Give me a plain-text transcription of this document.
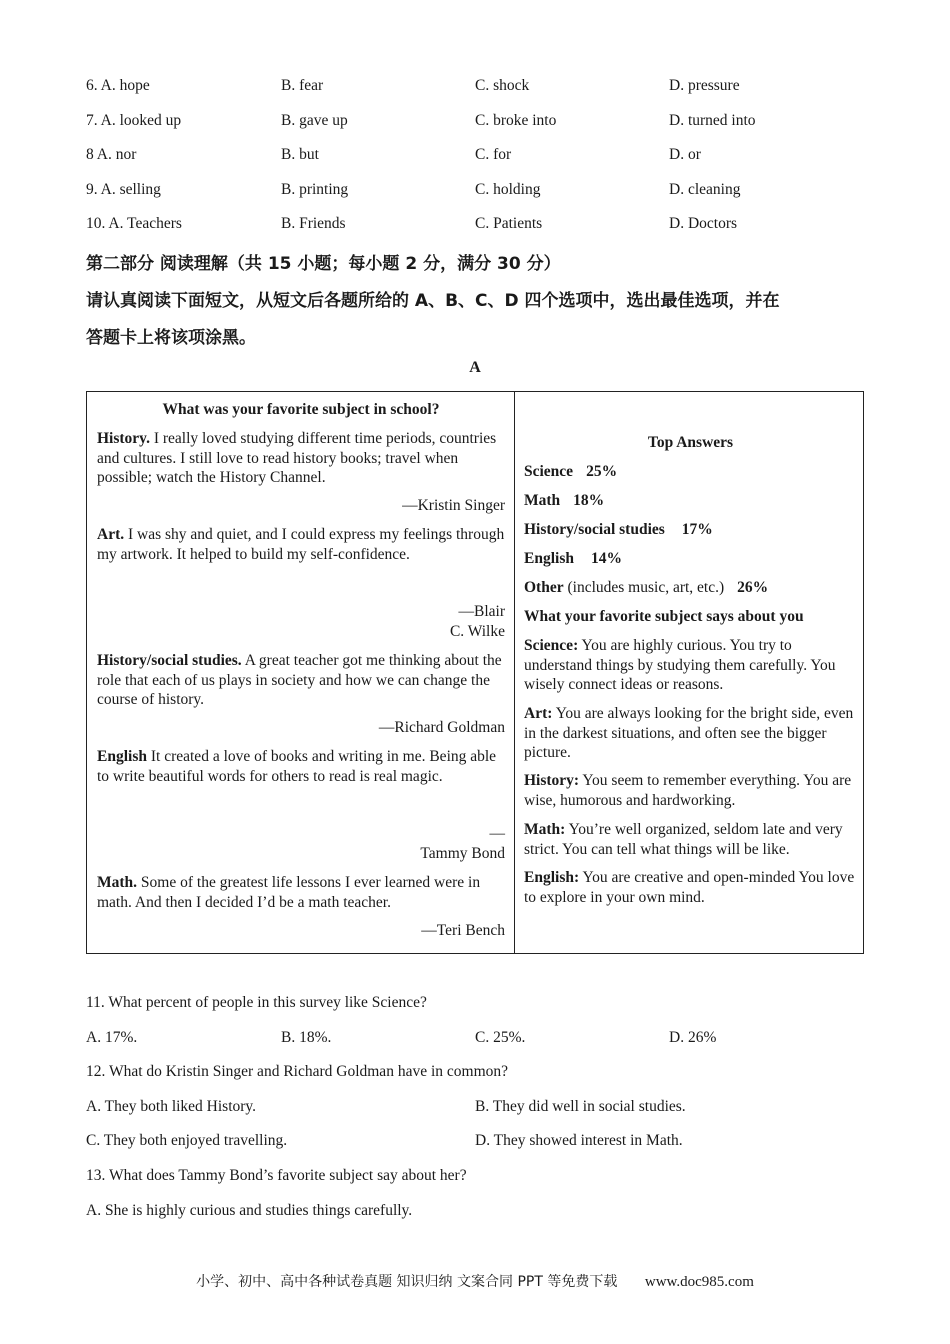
6. A. hope	B. fear	C. shock	D. pressure
7. A. looked up	B. gave up	C. broke into	D. turned into
8 A. nor	B. but	C. for	D. or
9. A. selling	B. printing	C. holding	D. cleaning
10. A. Teachers	B. Friends	C. Patients	D. Doctors
第二部分 阅读理解（共 15 小题；每小题 2 分，满分 30 分）
请认真阅读下面短文，从短文后各题所给的 A、B、C、D 四个选项中，选出最佳选项，并在
答题卡上将该项涂黑。
A
What was your favorite subject in school?
History. I really loved studying different time periods, countries and cultures. I still love to read history books; travel when possible; watch the History Channel.
—Kristin Singer
Art. I was shy and quiet, and I could express my feelings through my artwork. It helped to build my self-confidence.
—Blair
C. Wilke
History/social studies. A great teacher got me thinking about the role that each of us plays in society and how we can change the course of history.
—Richard Goldman
English It created a love of books and writing in me. Being able to write beautiful words for others to read is real magic.
—
Tammy Bond
Math. Some of the greatest life lessons I ever learned were in math. And then I decided I’d be a math teacher.
—Teri Bench
Top Answers
Science 25%
Math 18%
History/social studies 17%
English 14%
Other (includes music, art, etc.) 26%
What your favorite subject says about you
Science: You are highly curious. You try to understand things by studying them carefully. You wisely connect ideas or reasons.
Art: You are always looking for the bright side, even in the darkest situations, and often see the bigger picture.
History: You seem to remember everything. You are wise, humorous and hardworking.
Math: You’re well organized, seldom late and very strict. You can tell what things will be like.
English: You are creative and open-minded You love to explore in your own mind.
11. What percent of people in this survey like Science?
A. 17%.	B. 18%.	C. 25%.	D. 26%
12. What do Kristin Singer and Richard Goldman have in common?
A. They both liked History.	B. They did well in social studies.
C. They both enjoyed travelling.	D. They showed interest in Math.
13. What does Tammy Bond’s favorite subject say about her?
A. She is highly curious and studies things carefully.
小学、初中、高中各种试卷真题 知识归纳 文案合同 PPT 等免费下载 www.doc985.com
